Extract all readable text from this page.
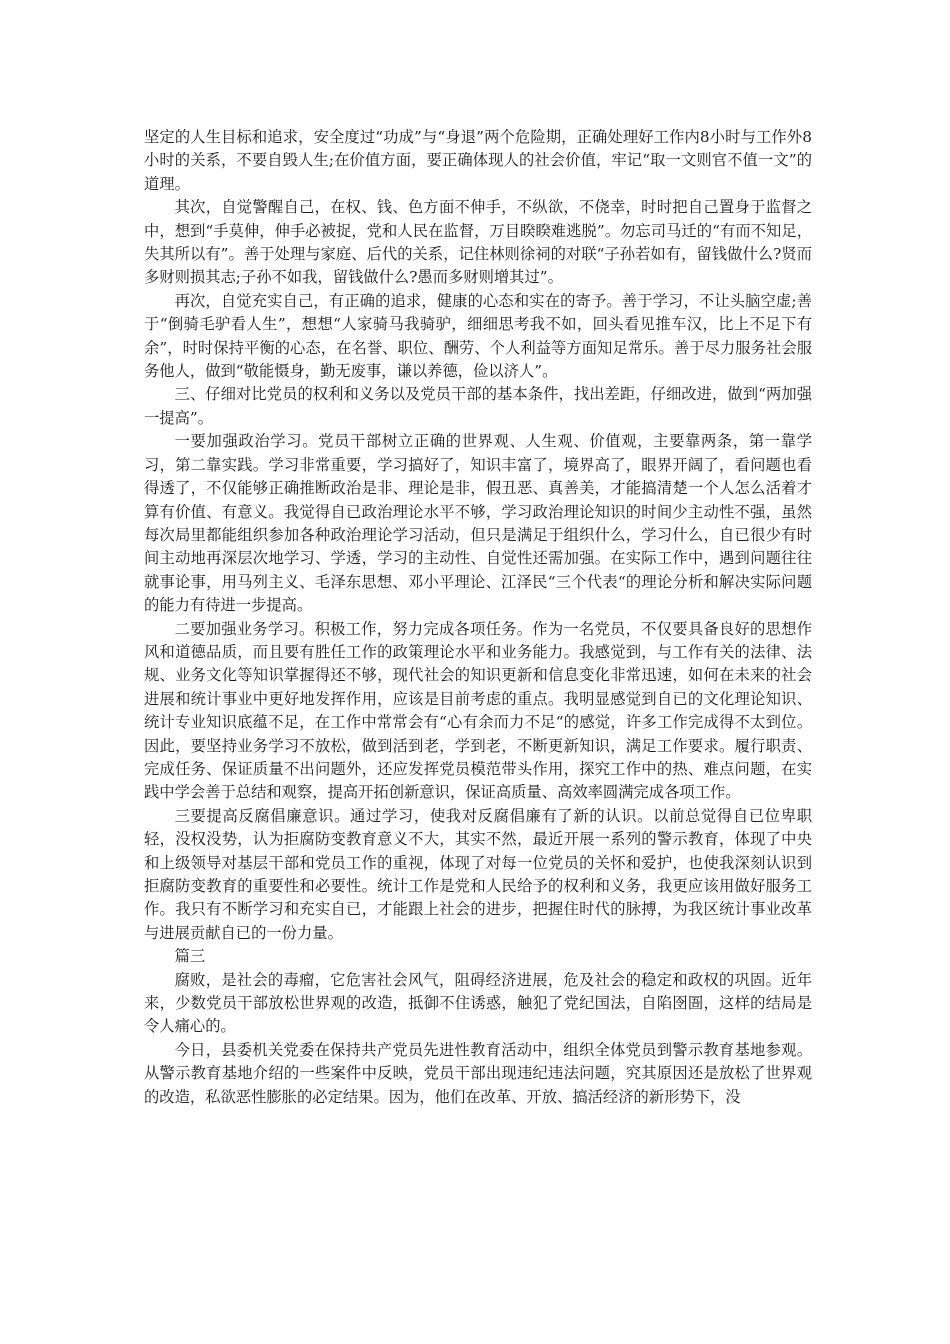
坚定的人生目标和追求，安全度过“功成”与“身退”两个危险期，正确处理好工作内8小时与工作外8小时的关系，不要自毁人生;在价值方面，要正确体现人的社会价值，牢记“取一文则官不值一文”的道理。

其次，自觉警醒自己，在权、钱、色方面不伸手，不纵欲，不侥幸，时时把自己置身于监督之中，想到“手莫伸，伸手必被捉，党和人民在监督，万目睽睽难逃脱”。勿忘司马迁的“有而不知足，失其所以有”。善于处理与家庭、后代的关系，记住林则徐祠的对联“子孙若如有，留钱做什么?贤而多财则损其志;子孙不如我，留钱做什么?愚而多财则增其过”。

再次，自觉充实自己，有正确的追求，健康的心态和实在的寄予。善于学习，不让头脑空虚;善于“倒骑毛驴看人生”，想想“人家骑马我骑驴，细细思考我不如，回头看见推车汉，比上不足下有余”，时时保持平衡的心态，在名誉、职位、酬劳、个人利益等方面知足常乐。善于尽力服务社会服务他人，做到“敬能慑身，勤无废事，谦以养德，俭以济人”。

三、仔细对比党员的权利和义务以及党员干部的基本条件，找出差距，仔细改进，做到“两加强一提高”。

一要加强政治学习。党员干部树立正确的世界观、人生观、价值观，主要靠两条，第一靠学习，第二靠实践。学习非常重要，学习搞好了，知识丰富了，境界高了，眼界开阔了，看问题也看得透了，不仅能够正确推断政治是非、理论是非，假丑恶、真善美，才能搞清楚一个人怎么活着才算有价值、有意义。我觉得自已政治理论水平不够，学习政治理论知识的时间少主动性不强，虽然每次局里都能组织参加各种政治理论学习活动，但只是满足于组织什么，学习什么，自已很少有时间主动地再深层次地学习、学透，学习的主动性、自觉性还需加强。在实际工作中，遇到问题往往就事论事，用马列主义、毛泽东思想、邓小平理论、江泽民“三个代表“的理论分析和解决实际问题的能力有待进一步提高。

二要加强业务学习。积极工作，努力完成各项任务。作为一名党员，不仅要具备良好的思想作风和道德品质，而且要有胜任工作的政策理论水平和业务能力。我感觉到，与工作有关的法律、法规、业务文化等知识掌握得还不够，现代社会的知识更新和信息变化非常迅速，如何在未来的社会进展和统计事业中更好地发挥作用，应该是目前考虑的重点。我明显感觉到自已的文化理论知识、统计专业知识底蕴不足，在工作中常常会有“心有余而力不足“的感觉，许多工作完成得不太到位。因此，要坚持业务学习不放松，做到活到老，学到老，不断更新知识，满足工作要求。履行职责、完成任务、保证质量不出问题外，还应发挥党员模范带头作用，探究工作中的热、难点问题，在实践中学会善于总结和观察，提高开拓创新意识，保证高质量、高效率圆满完成各项工作。

三要提高反腐倡廉意识。通过学习，使我对反腐倡廉有了新的认识。以前总觉得自已位卑职轻，没权没势，认为拒腐防变教育意义不大，其实不然，最近开展一系列的警示教育，体现了中央和上级领导对基层干部和党员工作的重视，体现了对每一位党员的关怀和爱护，也使我深刻认识到拒腐防变教育的重要性和必要性。统计工作是党和人民给予的权利和义务，我更应该用做好服务工作。我只有不断学习和充实自已，才能跟上社会的进步，把握住时代的脉搏，为我区统计事业改革与进展贡献自已的一份力量。

篇三

腐败，是社会的毒瘤，它危害社会风气，阻碍经济进展，危及社会的稳定和政权的巩固。近年来，少数党员干部放松世界观的改造，抵御不住诱惑，触犯了党纪国法，自陷囹圄，这样的结局是令人痛心的。

今日，县委机关党委在保持共产党员先进性教育活动中，组织全体党员到警示教育基地参观。从警示教育基地介绍的一些案件中反映，党员干部出现违纪违法问题，究其原因还是放松了世界观的改造，私欲恶性膨胀的必定结果。因为，他们在改革、开放、搞活经济的新形势下，没
